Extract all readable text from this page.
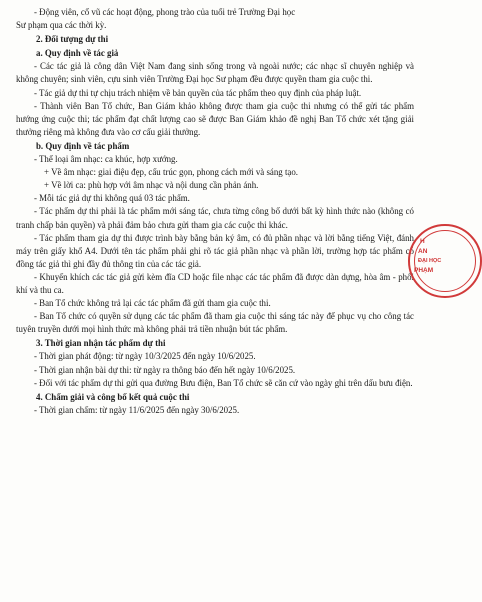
- Động viên, cổ vũ các hoạt động, phong trào của tuổi trẻ Trường Đại học

Sư phạm qua các thời kỳ.

2. Đối tượng dự thi

a. Quy định về tác giả

- Các tác giả là công dân Việt Nam đang sinh sống trong và ngoài nước; các nhạc sĩ chuyên nghiệp và không chuyên; sinh viên, cựu sinh viên Trường Đại học Sư phạm đều được quyền tham gia cuộc thi.

- Tác giả dự thi tự chịu trách nhiệm về bản quyền của tác phẩm theo quy định của pháp luật.

- Thành viên Ban Tổ chức, Ban Giám khảo không được tham gia cuộc thi nhưng có thể gửi tác phẩm hướng ứng cuộc thi; tác phẩm đạt chất lượng cao sẽ được Ban Giám khảo đề nghị Ban Tổ chức xét tặng giải thưởng riêng mà không đưa vào cơ cấu giải thưởng.

b. Quy định về tác phẩm

- Thể loại âm nhạc: ca khúc, hợp xướng.

+ Về âm nhạc: giai điệu đẹp, cấu trúc gọn, phong cách mới và sáng tạo.

+ Về lời ca: phù hợp với âm nhạc và nội dung cần phản ánh.

- Mỗi tác giả dự thi không quá 03 tác phẩm.

- Tác phẩm dự thi phải là tác phẩm mới sáng tác, chưa từng công bố dưới bất kỳ hình thức nào (không có tranh chấp bản quyền) và phải đảm bảo chưa gửi tham gia các cuộc thi khác.

- Tác phẩm tham gia dự thi được trình bày bằng bản ký âm, có đủ phần nhạc và lời bằng tiếng Việt, đánh máy trên giấy khổ A4. Dưới tên tác phẩm phải ghi rõ tác giả phần nhạc và phần lời, trường hợp tác phẩm có đồng tác giả thì ghi đầy đủ thông tin của các tác giả.

- Khuyến khích các tác giả gửi kèm đĩa CD hoặc file nhạc các tác phẩm đã được dàn dựng, hòa âm - phối khí và thu ca.

- Ban Tổ chức không trả lại các tác phẩm đã gửi tham gia cuộc thi.

- Ban Tổ chức có quyền sử dụng các tác phẩm đã tham gia cuộc thi sáng tác này để phục vụ cho công tác tuyên truyền dưới mọi hình thức mà không phải trả tiền nhuận bút tác phẩm.

3. Thời gian nhận tác phẩm dự thi

- Thời gian phát động: từ ngày 10/3/2025 đến ngày 10/6/2025.

- Thời gian nhận bài dự thi: từ ngày ra thông báo đến hết ngày 10/6/2025.

- Đối với tác phẩm dự thi gửi qua đường Bưu điện, Ban Tổ chức sẽ căn cứ vào ngày ghi trên dấu bưu điện.

4. Chấm giải và công bố kết quả cuộc thi

- Thời gian chấm: từ ngày 11/6/2025 đến ngày 30/6/2025.

H
AN
ĐẠI HỌC
PHẠM
